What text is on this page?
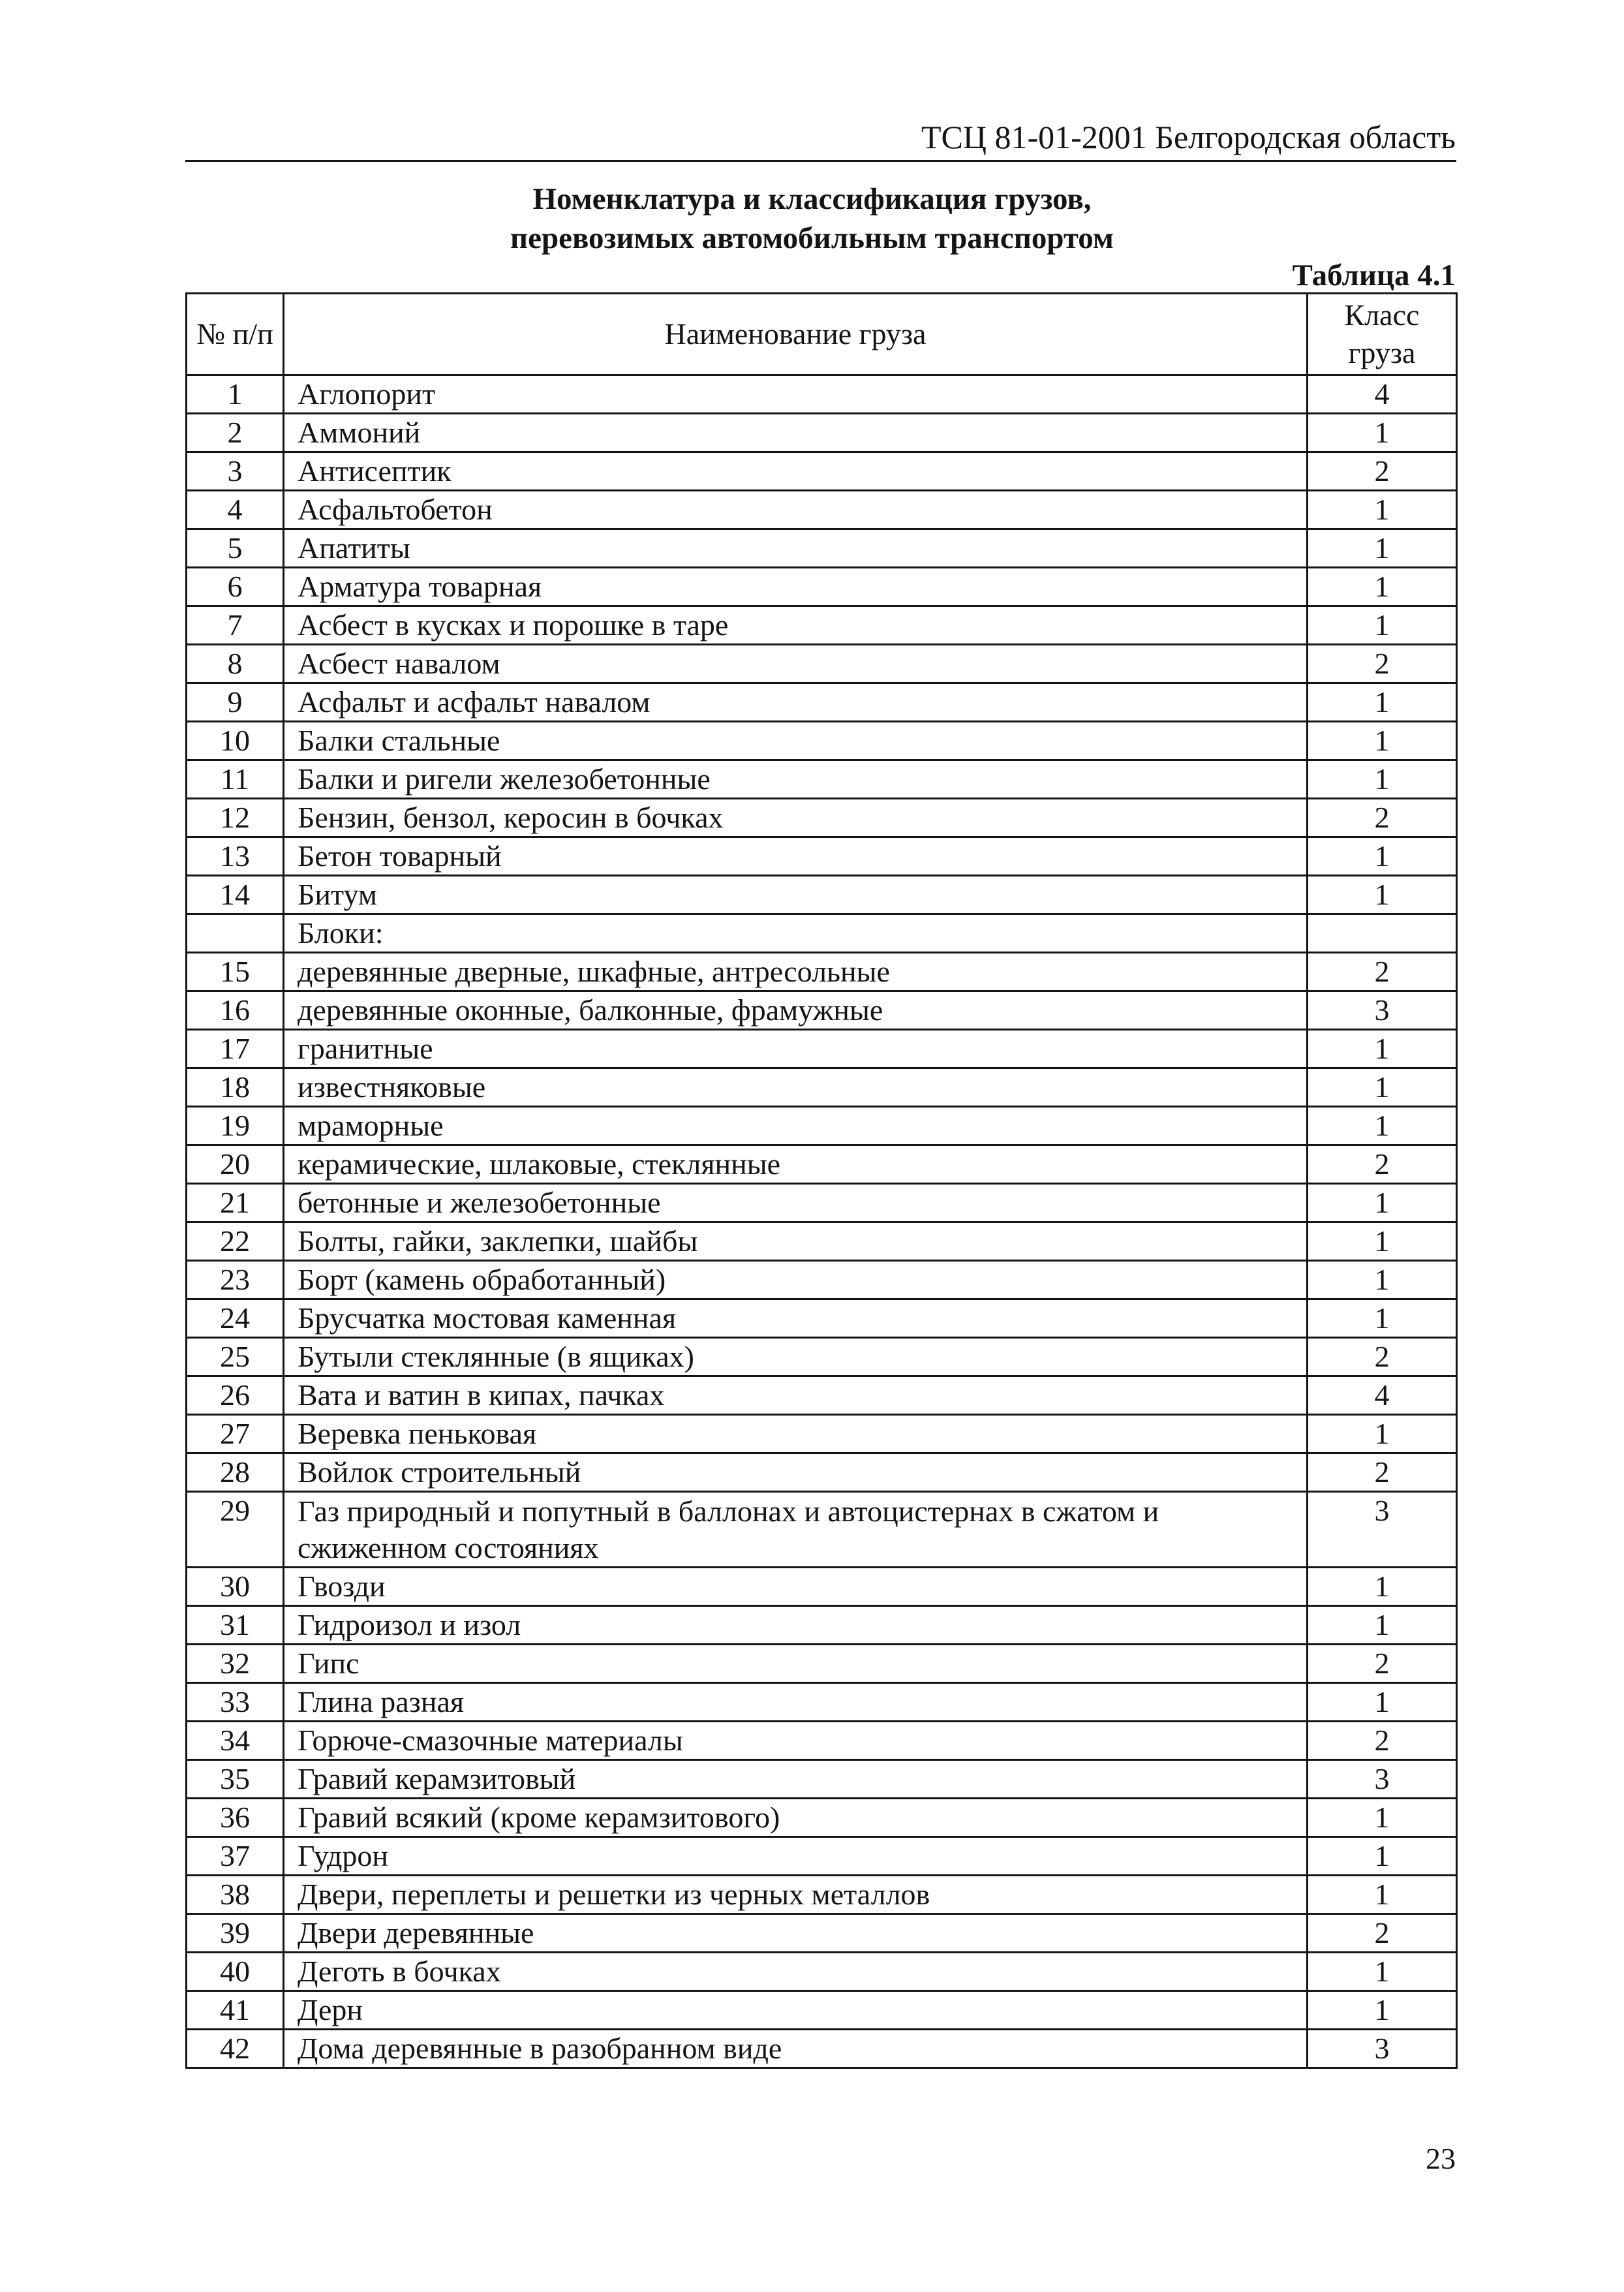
ТСЦ 81-01-2001 Белгородская область
Номенклатура и классификация грузов,
перевозимых автомобильным транспортом
Таблица 4.1
№ п/п	Наименование груза	Класс
груза
1	Аглопорит	4
2	Аммоний	1
3	Антисептик	2
4	Асфальтобетон	1
5	Апатиты	1
6	Арматура товарная	1
7	Асбест в кусках и порошке в таре	1
8	Асбест навалом	2
9	Асфальт и асфальт навалом	1
10	Балки стальные	1
11	Балки и ригели железобетонные	1
12	Бензин, бензол, керосин в бочках	2
13	Бетон товарный	1
14	Битум	1
	Блоки:	
15	деревянные дверные, шкафные, антресольные	2
16	деревянные оконные, балконные, фрамужные	3
17	гранитные	1
18	известняковые	1
19	мраморные	1
20	керамические, шлаковые, стеклянные	2
21	бетонные и железобетонные	1
22	Болты, гайки, заклепки, шайбы	1
23	Борт (камень обработанный)	1
24	Брусчатка мостовая каменная	1
25	Бутыли стеклянные (в ящиках)	2
26	Вата и ватин в кипах, пачках	4
27	Веревка пеньковая	1
28	Войлок строительный	2
29	Газ природный и попутный в баллонах и автоцистернах в сжатом и сжиженном состояниях	3
30	Гвозди	1
31	Гидроизол и изол	1
32	Гипс	2
33	Глина разная	1
34	Горюче-смазочные материалы	2
35	Гравий керамзитовый	3
36	Гравий всякий (кроме керамзитового)	1
37	Гудрон	1
38	Двери, переплеты и решетки из черных металлов	1
39	Двери деревянные	2
40	Деготь в бочках	1
41	Дерн	1
42	Дома деревянные в разобранном виде	3
23
